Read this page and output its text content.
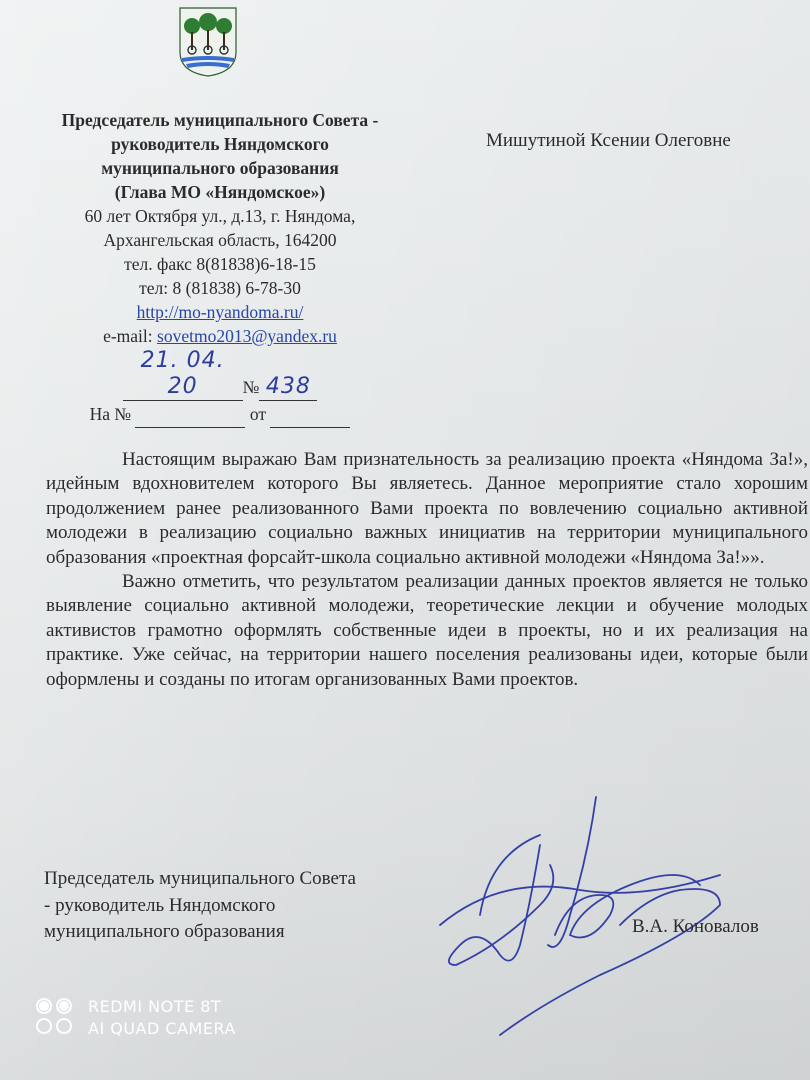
Председатель муниципального Совета -
руководитель Няндомского
муниципального образования
(Глава МО «Няндомское»)
60 лет Октября ул., д.13, г. Няндома,
Архангельская область, 164200
тел. факс 8(81838)6-18-15
тел: 8 (81838) 6-78-30
http://mo-nyandoma.ru/
e-mail: sovetmo2013@yandex.ru
21. 04. 20	№ 438
На №	от
Мишутиной Ксении Олеговне

Настоящим выражаю Вам признательность за реализацию проекта «Няндома За!», идейным вдохновителем которого Вы являетесь. Данное мероприятие стало хорошим продолжением ранее реализованного Вами проекта по вовлечению социально активной молодежи в реализацию социально важных инициатив на территории муниципального образования «проектная форсайт-школа социально активной молодежи «Няндома За!»».

Важно отметить, что результатом реализации данных проектов является не только выявление социально активной молодежи, теоретические лекции и обучение молодых активистов грамотно оформлять собственные идеи в проекты, но и их реализация на практике. Уже сейчас, на территории нашего поселения реализованы идеи, которые были оформлены и созданы по итогам организованных Вами проектов.

Председатель муниципального Совета
- руководитель Няндомского
муниципального образования	В.А. Коновалов
REDMI NOTE 8T
AI QUAD CAMERA
